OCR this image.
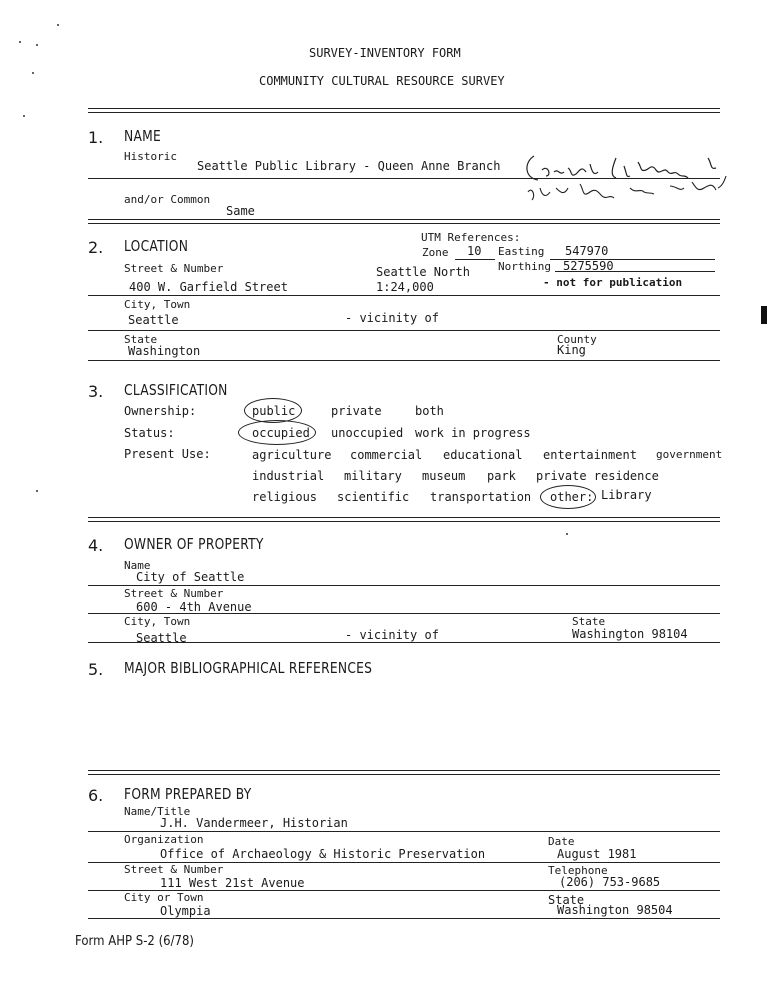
SURVEY-INVENTORY FORM
COMMUNITY CULTURAL RESOURCE SURVEY
1. NAME
Historic
Seattle Public Library - Queen Anne Branch
and/or Common
Same
2. LOCATION	UTM References:
Zone 10 Easting 547970
Northing 5275590
Seattle North
1:24,000	- not for publication
Street & Number
400 W. Garfield Street
City, Town
Seattle	- vicinity of
State
Washington
County
King
3. CLASSIFICATION
Ownership:	public	private	both
Status:	occupied unoccupied work in progress
Present Use:	agriculture commercial educational entertainment government
industrial military museum park private residence
religious scientific transportation other: Library
4. OWNER OF PROPERTY
Name
City of Seattle
Street & Number
600 - 4th Avenue
City, Town
Seattle	- vicinity of
State
Washington 98104
5. MAJOR BIBLIOGRAPHICAL REFERENCES
6. FORM PREPARED BY
Name/Title
J.H. Vandermeer, Historian
Organization
Office of Archaeology & Historic Preservation
Date
August 1981
Street & Number
111 West 21st Avenue
Telephone
(206) 753-9685
City or Town
Olympia
State
Washington 98504
Form AHP S-2 (6/78)
